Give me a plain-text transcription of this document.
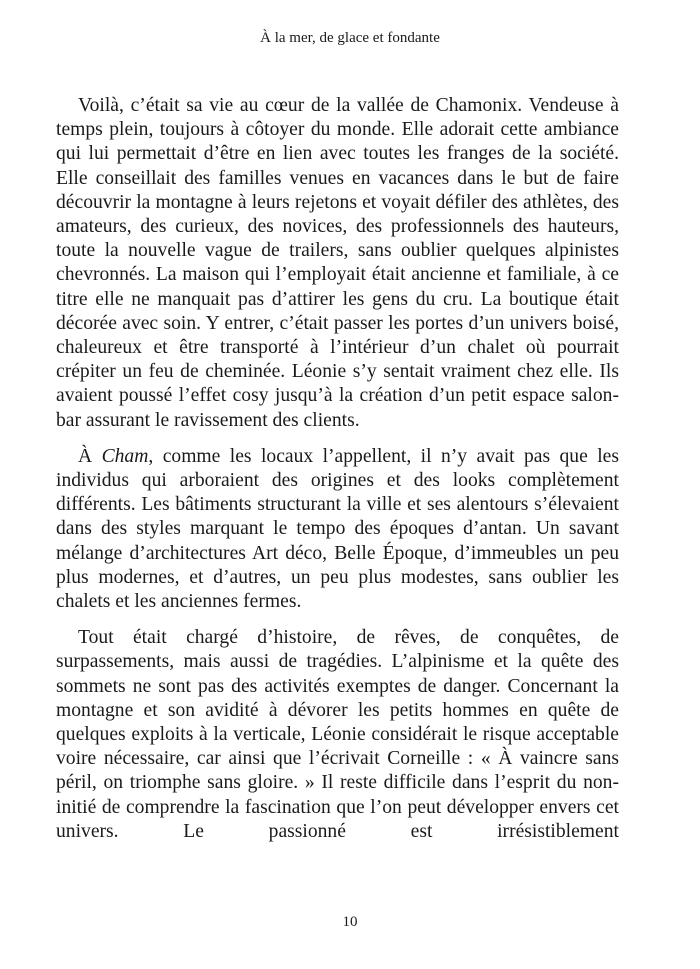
À la mer, de glace et fondante

Voilà, c’était sa vie au cœur de la vallée de Chamonix. Vendeuse à temps plein, toujours à côtoyer du monde. Elle adorait cette ambiance qui lui permettait d’être en lien avec toutes les franges de la société. Elle conseillait des familles venues en vacances dans le but de faire découvrir la montagne à leurs rejetons et voyait défiler des athlètes, des amateurs, des curieux, des novices, des professionnels des hauteurs, toute la nouvelle vague de trailers, sans oublier quelques alpinistes chevronnés. La maison qui l’employait était ancienne et familiale, à ce titre elle ne manquait pas d’attirer les gens du cru. La boutique était décorée avec soin. Y entrer, c’était passer les portes d’un univers boisé, chaleureux et être transporté à l’intérieur d’un chalet où pourrait crépiter un feu de cheminée. Léonie s’y sentait vraiment chez elle. Ils avaient poussé l’effet cosy jusqu’à la création d’un petit espace salon-bar assurant le ravissement des clients.

À Cham, comme les locaux l’appellent, il n’y avait pas que les individus qui arboraient des origines et des looks complètement différents. Les bâtiments structurant la ville et ses alentours s’élevaient dans des styles marquant le tempo des époques d’antan. Un savant mélange d’architectures Art déco, Belle Époque, d’immeubles un peu plus modernes, et d’autres, un peu plus modestes, sans oublier les chalets et les anciennes fermes.

Tout était chargé d’histoire, de rêves, de conquêtes, de surpassements, mais aussi de tragédies. L’alpinisme et la quête des sommets ne sont pas des activités exemptes de danger. Concernant la montagne et son avidité à dévorer les petits hommes en quête de quelques exploits à la verticale, Léonie considérait le risque acceptable voire nécessaire, car ainsi que l’écrivait Corneille : « À vaincre sans péril, on triomphe sans gloire. » Il reste difficile dans l’esprit du non-initié de comprendre la fascination que l’on peut développer envers cet univers. Le passionné est irrésistiblement

10
